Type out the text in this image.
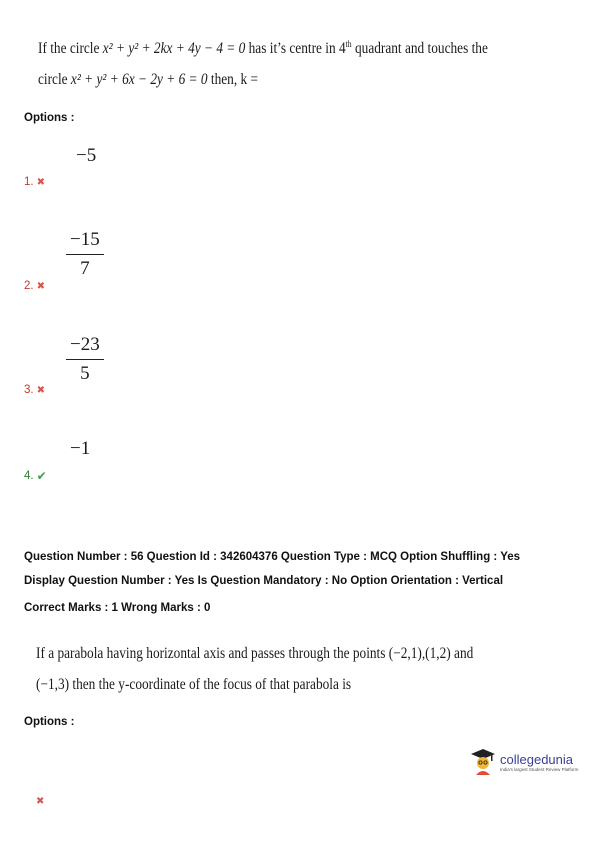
If the circle x² + y² + 2kx + 4y − 4 = 0 has it’s centre in 4th quadrant and touches the
circle x² + y² + 6x − 2y + 6 = 0 then, k =
Options :
−5
1. ✖
$\frac{-15}{7}$
2. ✖
$\frac{-23}{5}$
3. ✖
−1
4. ✔
Question Number : 56 Question Id : 342604376 Question Type : MCQ Option Shuffling : Yes
Display Question Number : Yes Is Question Mandatory : No Option Orientation : Vertical
Correct Marks : 1 Wrong Marks : 0
If a parabola having horizontal axis and passes through the points (−2,1),(1,2) and
(−1,3) then the y-coordinate of the focus of that parabola is
Options :
collegedunia
India's largest Student Review Platform
✖
